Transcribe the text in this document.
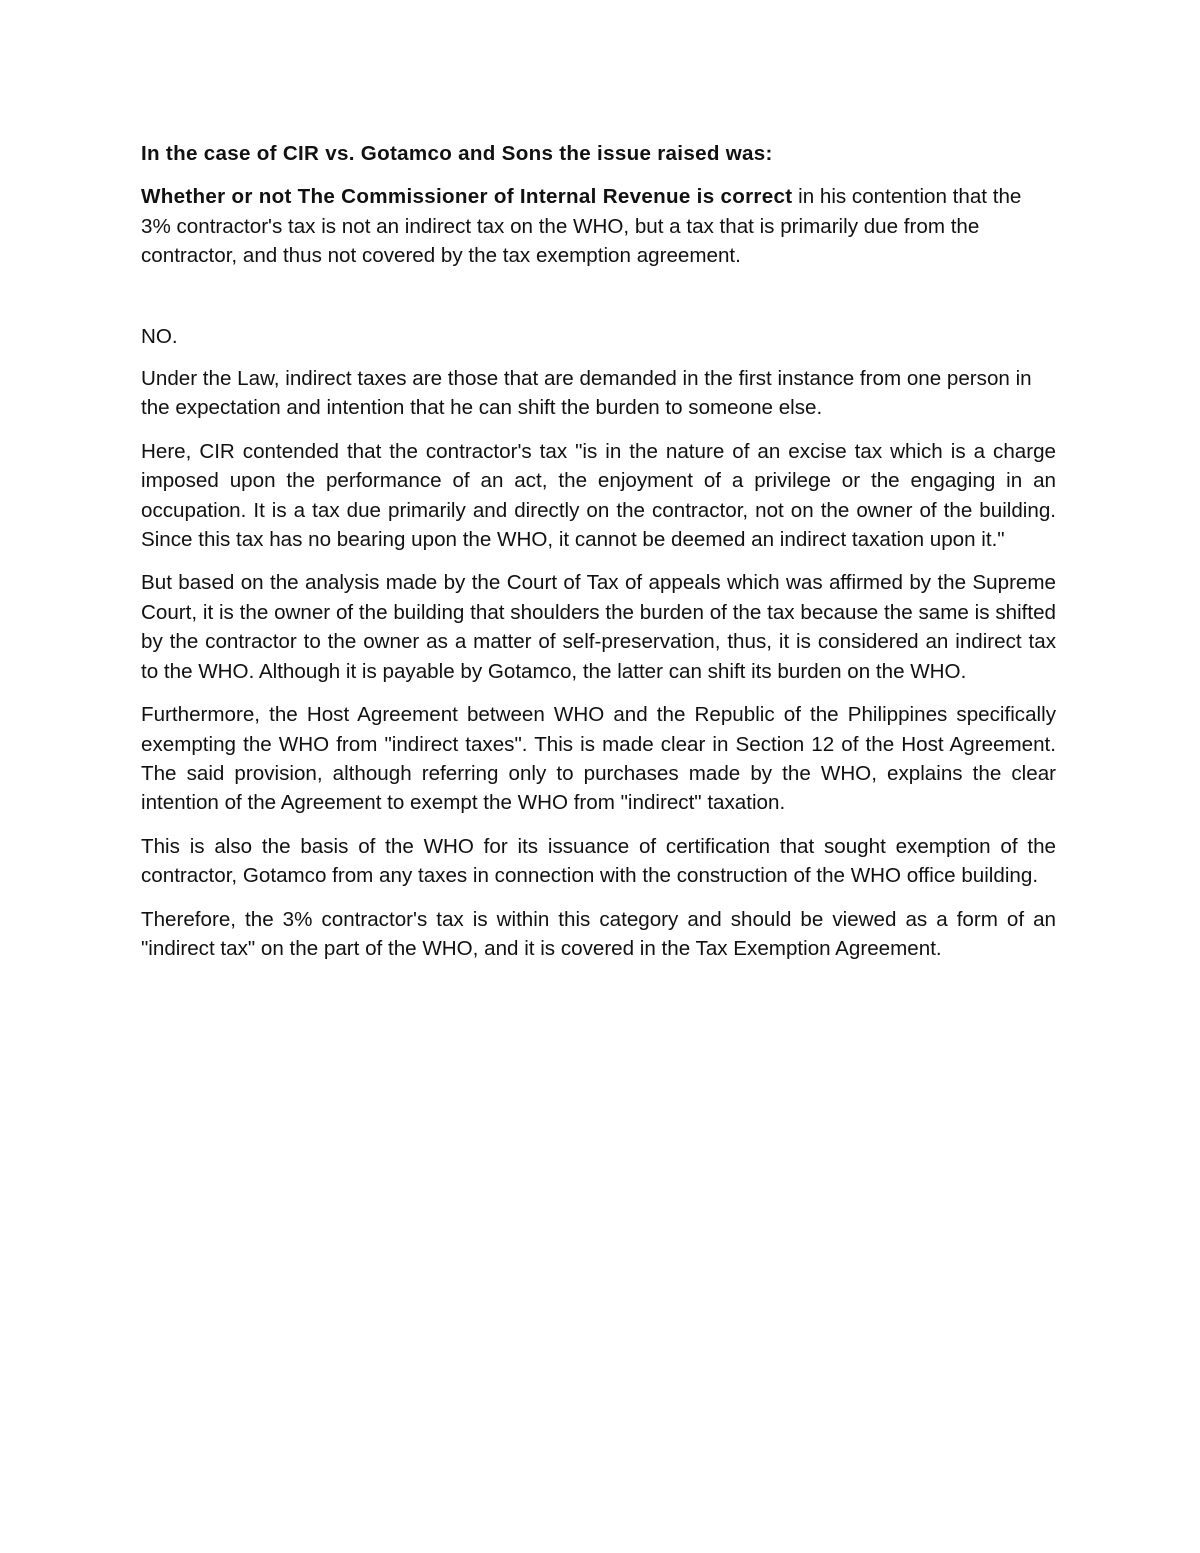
In the case of CIR vs. Gotamco and Sons the issue raised was:

Whether or not The Commissioner of Internal Revenue is correct in his contention that the 3% contractor's tax is not an indirect tax on the WHO, but a tax that is primarily due from the contractor, and thus not covered by the tax exemption agreement.

NO.

Under the Law, indirect taxes are those that are demanded in the first instance from one person in the expectation and intention that he can shift the burden to someone else.

Here, CIR contended that the contractor's tax "is in the nature of an excise tax which is a charge imposed upon the performance of an act, the enjoyment of a privilege or the engaging in an occupation. It is a tax due primarily and directly on the contractor, not on the owner of the building. Since this tax has no bearing upon the WHO, it cannot be deemed an indirect taxation upon it."

But based on the analysis made by the Court of Tax of appeals which was affirmed by the Supreme Court, it is the owner of the building that shoulders the burden of the tax because the same is shifted by the contractor to the owner as a matter of self-preservation, thus, it is considered an indirect tax to the WHO. Although it is payable by Gotamco, the latter can shift its burden on the WHO.

Furthermore, the Host Agreement between WHO and the Republic of the Philippines specifically exempting the WHO from "indirect taxes". This is made clear in Section 12 of the Host Agreement. The said provision, although referring only to purchases made by the WHO, explains the clear intention of the Agreement to exempt the WHO from "indirect" taxation.

This is also the basis of the WHO for its issuance of certification that sought exemption of the contractor, Gotamco from any taxes in connection with the construction of the WHO office building.

Therefore, the 3% contractor's tax is within this category and should be viewed as a form of an "indirect tax" on the part of the WHO, and it is covered in the Tax Exemption Agreement.
